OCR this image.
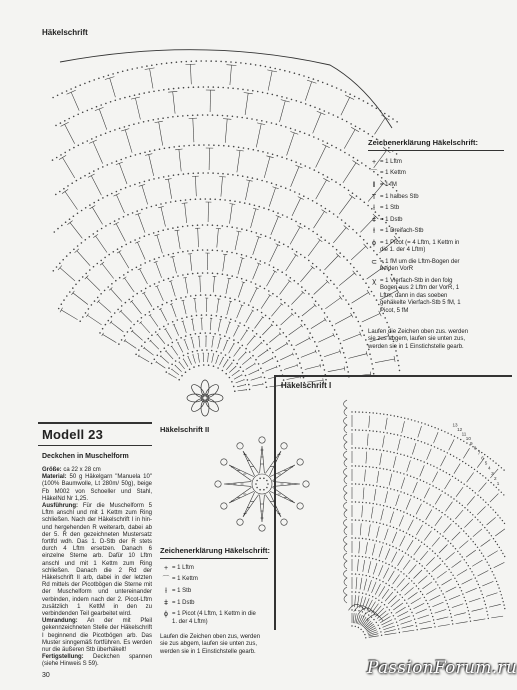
Häkelschrift
Zeichenerklärung Häkelschrift:
+ = 1 Lftm
⌒ = 1 Kettm
‖ = 1 fM
T = 1 halbes Stb
ƚ = 1 Stb
ǂ = 1 Dstb
ⱡ = 1 Dreifach-Stb
ϕ = 1 Picot (= 4 Lftm, 1 Kettm in
die 1. der 4 Lftm)
⊂ = 1 fM um die Lftm-Bogen der
beiden VorR
ꭓ = 1 Vierfach-Stb in den folg
Bogen aus 2 Lftm der VorR, 1
Lftm, dann in das soeben
gehäkelte Vierfach-Stb 5 fM, 1
Picot, 5 fM
Laufen die Zeichen oben zus. werden
sie zus abgem, laufen sie unten zus,
werden sie in 1 Einstichstelle gearb.
Häkelschrift I
13
12
11
10
9
8
7
6
5
4
3
2
1
Modell 23
Deckchen in Muschelform

Größe: ca 22 x 28 cm

Material: 50 g Häkelgarn "Manuela 10" (100% Baumwolle, Lt 280m/ 50g), beige Fb M002 von Schoeller und Stahl, HäkelNd Nr 1,25.

Ausführung: Für die Muschelform 5 Lftm anschl und mit 1 Kettm zum Ring schließen. Nach der Häkelschrift I in hin- und hergehenden R weiterarb, dabei ab der 5. R den gezeichneten Mustersatz fortlfd wdh. Das 1. D-Stb der R stets durch 4 Lftm ersetzen. Danach 6 einzelne Sterne arb. Dafür 10 Lftm anschl und mit 1 Kettm zum Ring schließen. Danach die 2 Rd der Häkelschrift II arb, dabei in der letzten Rd mittels der Picotbögen die Sterne mit der Muschelform und untereinander verbinden, indem nach der 2. Picot-Lftm zusätzlich 1 KettM in den zu verbindenden Teil gearbeitet wird.

Umrandung: An der mit Pfeil gekennzeichneten Stelle der Häkelschrift I beginnend die Picotbögen arb. Das Muster sinngemäß fortführen. Es werden nur die äußeren Stb überhäkelt!

Fertigstellung: Deckchen spannen (siehe Hinweis S 59).

Häkelschrift II
Zeichenerklärung Häkelschrift:
+ = 1 Lftm
⌒ = 1 Kettm
ƚ = 1 Stb
ǂ = 1 Dstb
ϕ = 1 Picot (4 Lftm, 1 Kettm in die
1. der 4 Lftm)
Laufen die Zeichen oben zus, werden
sie zus abgem, laufen sie unten zus,
werden sie in 1 Einstichstelle gearb.
30	PassionForum.ru
